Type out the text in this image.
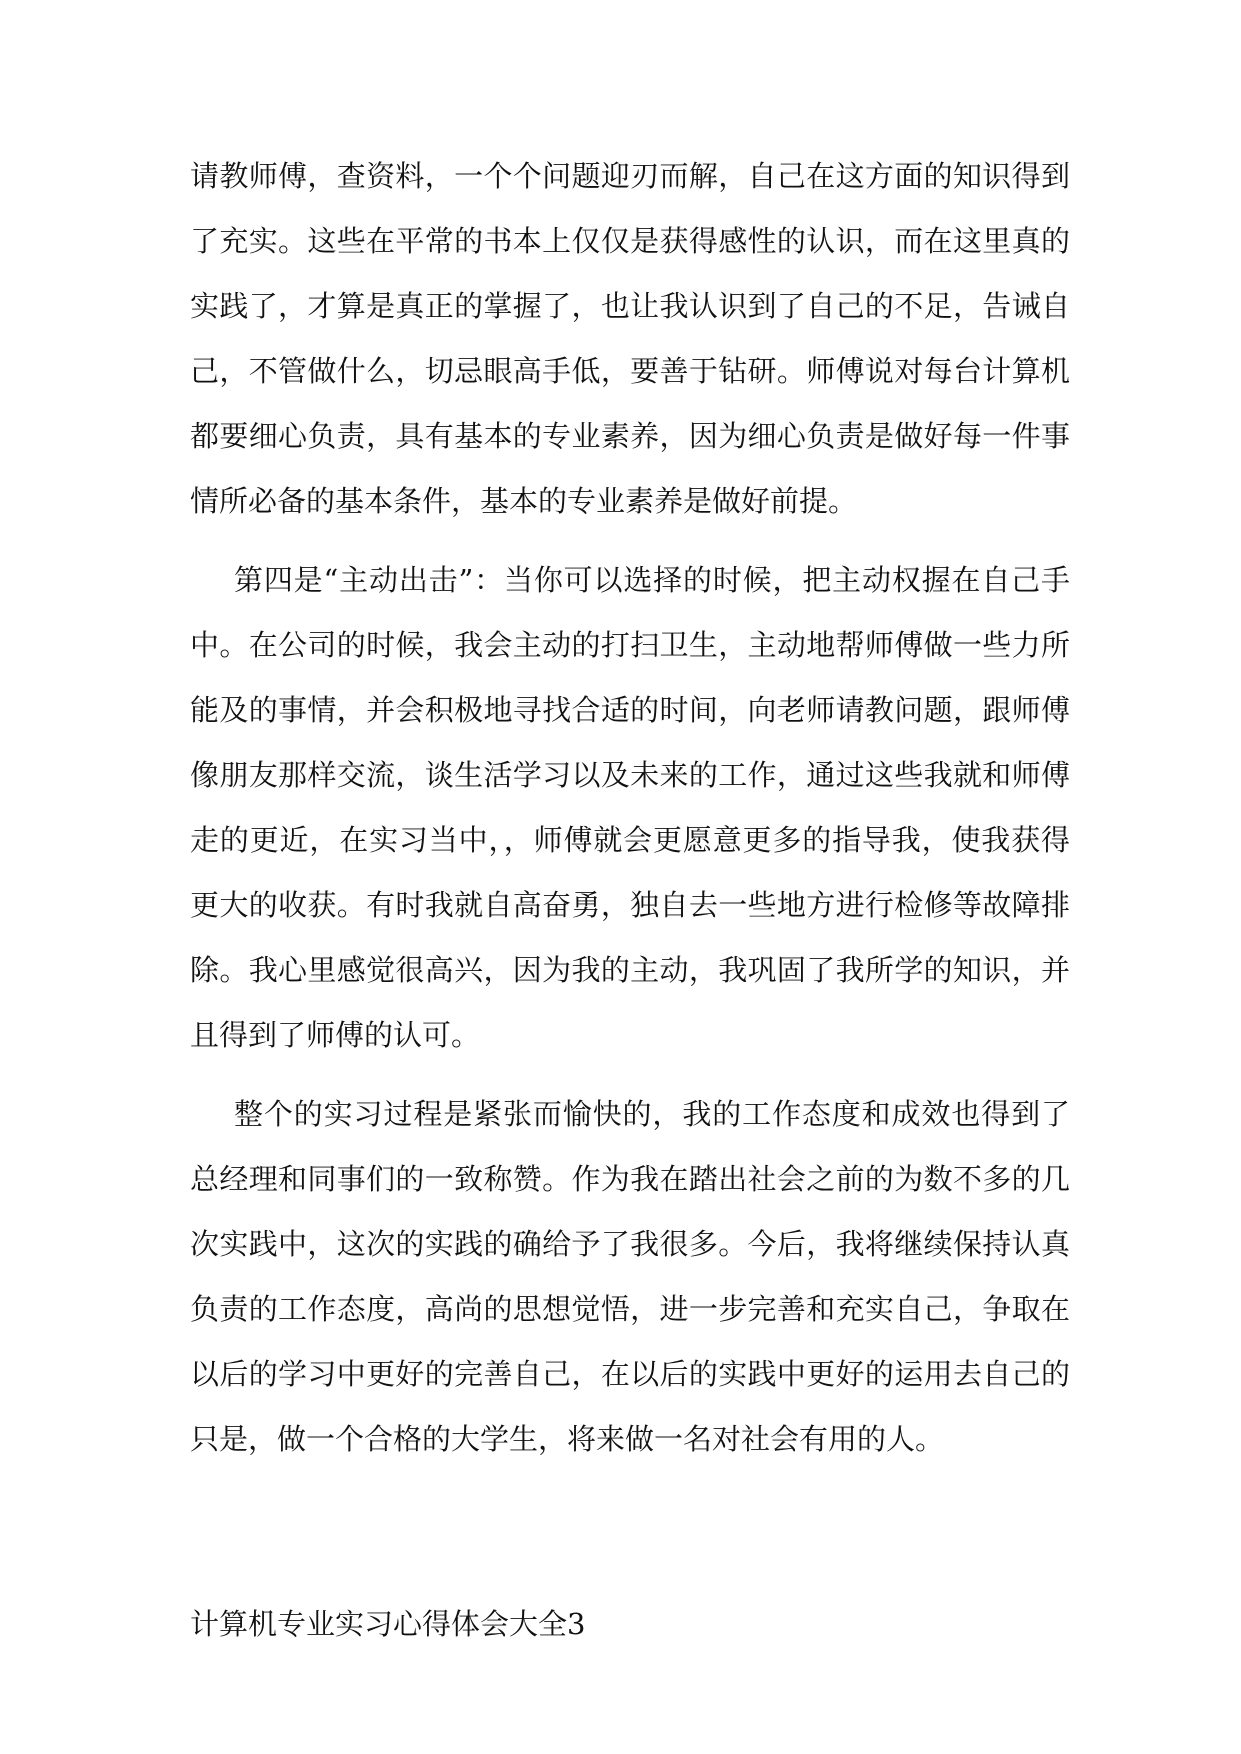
请教师傅，查资料，一个个问题迎刃而解，自己在这方面的知识得到
了充实。这些在平常的书本上仅仅是获得感性的认识，而在这里真的
实践了，才算是真正的掌握了，也让我认识到了自己的不足，告诫自
己，不管做什么，切忌眼高手低，要善于钻研。师傅说对每台计算机
都要细心负责，具有基本的专业素养，因为细心负责是做好每一件事
情所必备的基本条件，基本的专业素养是做好前提。
第四是“主动出击”：当你可以选择的时候，把主动权握在自己手
中。在公司的时候，我会主动的打扫卫生，主动地帮师傅做一些力所
能及的事情，并会积极地寻找合适的时间，向老师请教问题，跟师傅
像朋友那样交流，谈生活学习以及未来的工作，通过这些我就和师傅
走的更近，在实习当中，，师傅就会更愿意更多的指导我，使我获得
更大的收获。有时我就自高奋勇，独自去一些地方进行检修等故障排
除。我心里感觉很高兴，因为我的主动，我巩固了我所学的知识，并
且得到了师傅的认可。
整个的实习过程是紧张而愉快的，我的工作态度和成效也得到了
总经理和同事们的一致称赞。作为我在踏出社会之前的为数不多的几
次实践中，这次的实践的确给予了我很多。今后，我将继续保持认真
负责的工作态度，高尚的思想觉悟，进一步完善和充实自己，争取在
以后的学习中更好的完善自己，在以后的实践中更好的运用去自己的
只是，做一个合格的大学生，将来做一名对社会有用的人。
计算机专业实习心得体会大全3
